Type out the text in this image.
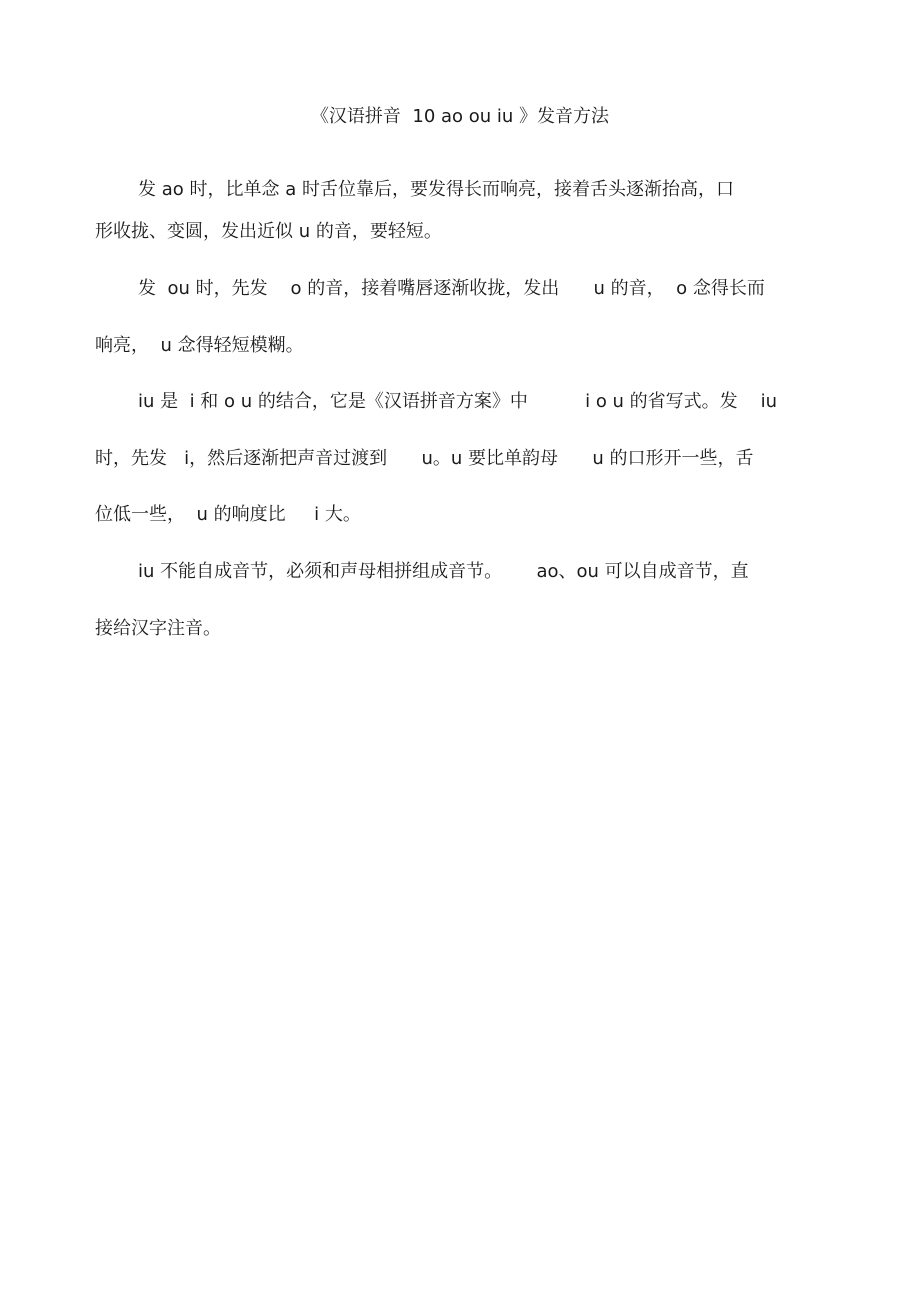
《汉语拼音  10 ao ou iu 》发音方法
发 ao 时，比单念 a 时舌位靠后，要发得长而响亮，接着舌头逐渐抬高，口
形收拢、变圆，发出近似 u 的音，要轻短。
发  ou 时，先发    o 的音，接着嘴唇逐渐收拢，发出      u 的音，  o 念得长而
响亮，  u 念得轻短模糊。
iu 是  i 和 o u 的结合，它是《汉语拼音方案》中          i o u 的省写式。发    iu
时，先发   i，然后逐渐把声音过渡到      u。u 要比单韵母      u 的口形开一些，舌
位低一些，  u 的响度比     i 大。
iu 不能自成音节，必须和声母相拼组成音节。      ao、ou 可以自成音节，直
接给汉字注音。
